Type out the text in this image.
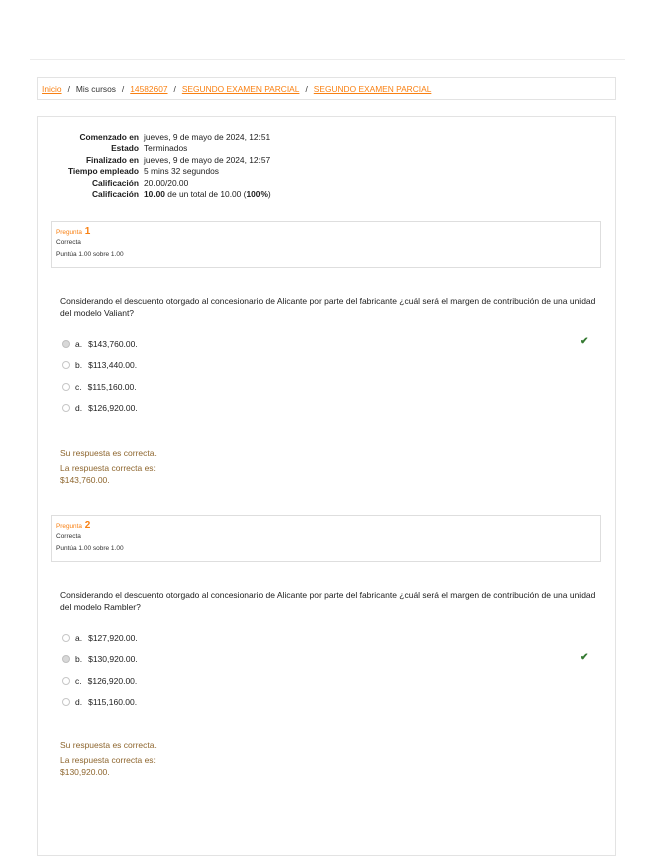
Inicio / Mis cursos / 14582607 / SEGUNDO EXAMEN PARCIAL / SEGUNDO EXAMEN PARCIAL
Comenzado en jueves, 9 de mayo de 2024, 12:51
Estado Terminados
Finalizado en jueves, 9 de mayo de 2024, 12:57
Tiempo empleado 5 mins 32 segundos
Calificación 20.00/20.00
Calificación 10.00 de un total de 10.00 (100%)
Pregunta 1
Correcta
Puntúa 1.00 sobre 1.00
Considerando el descuento otorgado al concesionario de Alicante por parte del fabricante ¿cuál será el margen de contribución de una unidad del modelo Valiant?
a. $143,760.00.	✔
b. $113,440.00.
c. $115,160.00.
d. $126,920.00.
Su respuesta es correcta.
La respuesta correcta es:
$143,760.00.
Pregunta 2
Correcta
Puntúa 1.00 sobre 1.00
Considerando el descuento otorgado al concesionario de Alicante por parte del fabricante ¿cuál será el margen de contribución de una unidad del modelo Rambler?
a. $127,920.00.
b. $130,920.00.	✔
c. $126,920.00.
d. $115,160.00.
Su respuesta es correcta.
La respuesta correcta es:
$130,920.00.
